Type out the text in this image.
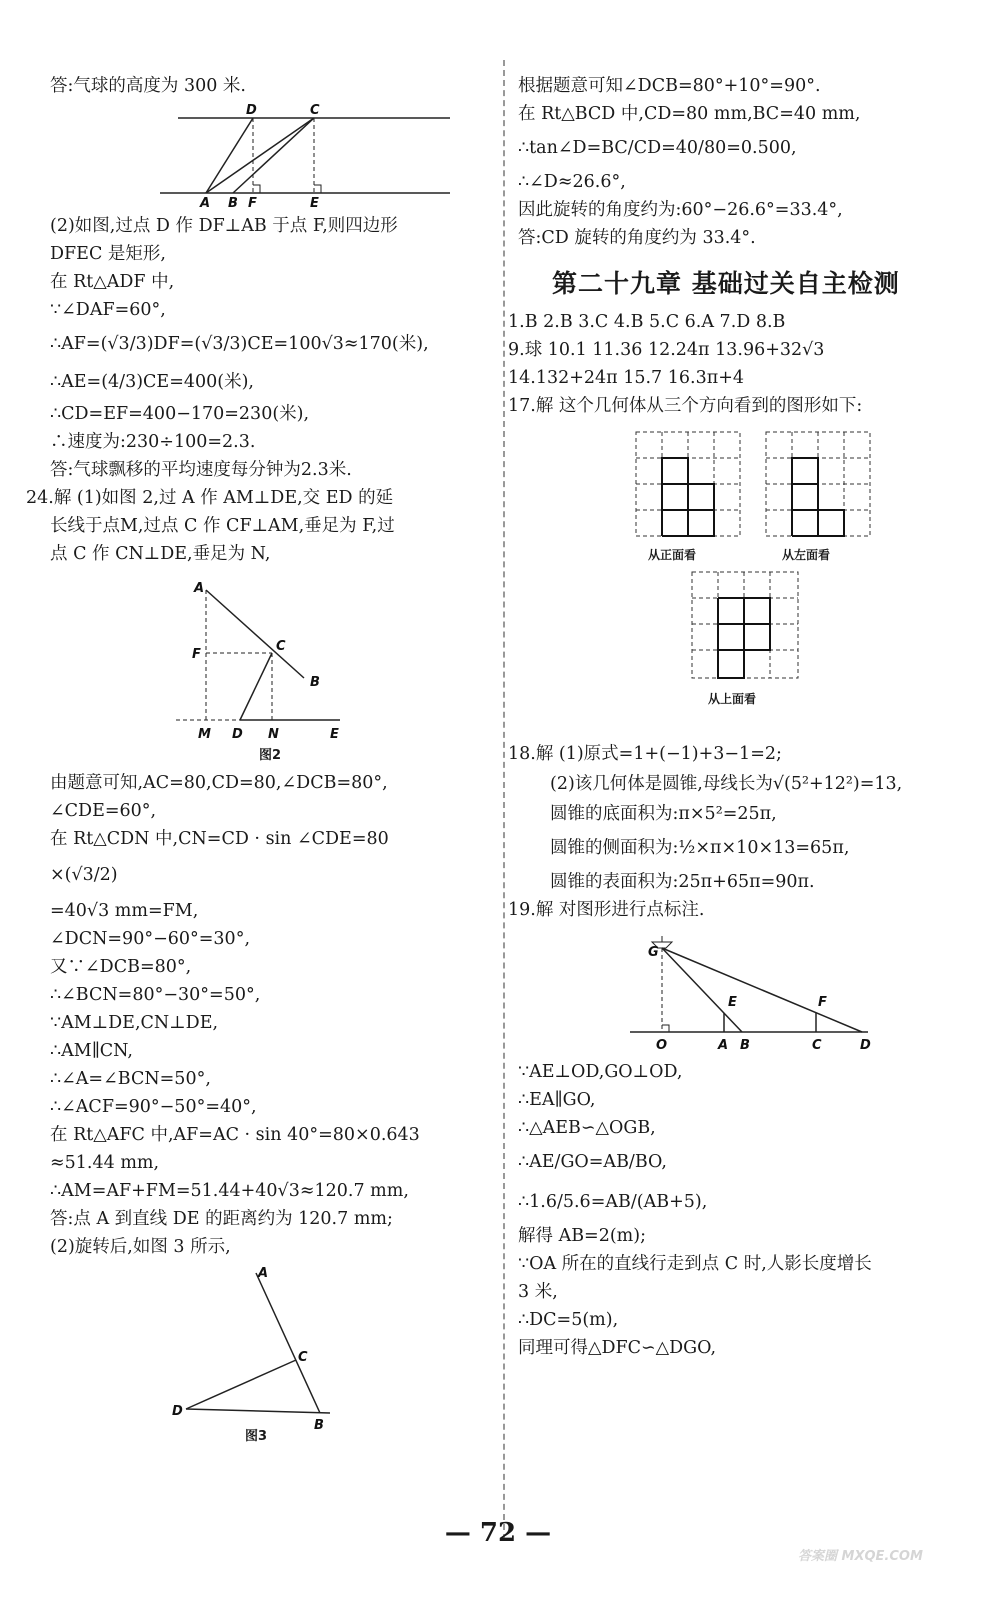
答:气球的高度为 300 米.
D	C
A B F	E
(2)如图,过点 D 作 DF⊥AB 于点 F,则四边形
DFEC 是矩形,
在 Rt△ADF 中,
∵∠DAF=60°,
∴AF=(√3/3)DF=(√3/3)CE=100√3≈170(米),
∴AE=(4/3)CE=400(米),
∴CD=EF=400−170=230(米),
∴速度为:230÷100=2.3.
答:气球飘移的平均速度每分钟为2.3米.
24.解 (1)如图 2,过 A 作 AM⊥DE,交 ED 的延
长线于点M,过点 C 作 CF⊥AM,垂足为 F,过
点 C 作 CN⊥DE,垂足为 N,
A
F
C
B
M D N	E
图2
由题意可知,AC=80,CD=80,∠DCB=80°,
∠CDE=60°,
在 Rt△CDN 中,CN=CD · sin ∠CDE=80
×(√3/2)
=40√3 mm=FM,
∠DCN=90°−60°=30°,
又∵∠DCB=80°,
∴∠BCN=80°−30°=50°,
∵AM⊥DE,CN⊥DE,
∴AM∥CN,
∴∠A=∠BCN=50°,
∴∠ACF=90°−50°=40°,
在 Rt△AFC 中,AF=AC · sin 40°=80×0.643
≈51.44 mm,
∴AM=AF+FM=51.44+40√3≈120.7 mm,
答:点 A 到直线 DE 的距离约为 120.7 mm;
(2)旋转后,如图 3 所示,
A
C
D
B
图3
根据题意可知∠DCB=80°+10°=90°.
在 Rt△BCD 中,CD=80 mm,BC=40 mm,
∴tan∠D=BC/CD=40/80=0.500,
∴∠D≈26.6°,
因此旋转的角度约为:60°−26.6°=33.4°,
答:CD 旋转的角度约为 33.4°.
第二十九章 基础过关自主检测
1.B 2.B 3.C 4.B 5.C 6.A 7.D 8.B
9.球 10.1 11.36 12.24π 13.96+32√3
14.132+24π 15.7 16.3π+4
17.解 这个几何体从三个方向看到的图形如下:
从正面看	从左面看
从上面看
18.解 (1)原式=1+(−1)+3−1=2;
(2)该几何体是圆锥,母线长为√(5²+12²)=13,
圆锥的底面积为:π×5²=25π,
圆锥的侧面积为:½×π×10×13=65π,
圆锥的表面积为:25π+65π=90π.
19.解 对图形进行点标注.
G
E	F
O	A B	C	D
∵AE⊥OD,GO⊥OD,
∴EA∥GO,
∴△AEB∽△OGB,
∴AE/GO=AB/BO,
∴1.6/5.6=AB/(AB+5),
解得 AB=2(m);
∵OA 所在的直线行走到点 C 时,人影长度增长
3 米,
∴DC=5(m),
同理可得△DFC∽△DGO,
— 72 —
答案圈 MXQE.COM
